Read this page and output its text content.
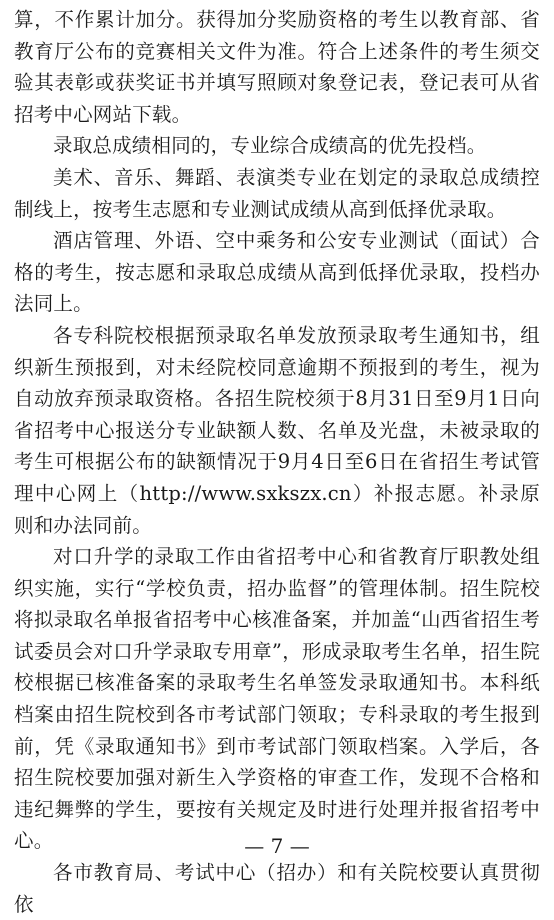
算，不作累计加分。获得加分奖励资格的考生以教育部、省教育厅公布的竞赛相关文件为准。符合上述条件的考生须交验其表彰或获奖证书并填写照顾对象登记表，登记表可从省招考中心网站下载。

录取总成绩相同的，专业综合成绩高的优先投档。

美术、音乐、舞蹈、表演类专业在划定的录取总成绩控制线上，按考生志愿和专业测试成绩从高到低择优录取。

酒店管理、外语、空中乘务和公安专业测试（面试）合格的考生，按志愿和录取总成绩从高到低择优录取，投档办法同上。

各专科院校根据预录取名单发放预录取考生通知书，组织新生预报到，对未经院校同意逾期不预报到的考生，视为自动放弃预录取资格。各招生院校须于8月31日至9月1日向省招考中心报送分专业缺额人数、名单及光盘，未被录取的考生可根据公布的缺额情况于9月4日至6日在省招生考试管理中心网上（http://www.sxkszx.cn）补报志愿。补录原则和办法同前。

对口升学的录取工作由省招考中心和省教育厅职教处组织实施，实行“学校负责，招办监督”的管理体制。招生院校将拟录取名单报省招考中心核准备案，并加盖“山西省招生考试委员会对口升学录取专用章”，形成录取考生名单，招生院校根据已核准备案的录取考生名单签发录取通知书。本科纸档案由招生院校到各市考试部门领取；专科录取的考生报到前，凭《录取通知书》到市考试部门领取档案。入学后，各招生院校要加强对新生入学资格的审查工作，发现不合格和违纪舞弊的学生，要按有关规定及时进行处理并报省招考中心。

各市教育局、考试中心（招办）和有关院校要认真贯彻依

— 7 —
